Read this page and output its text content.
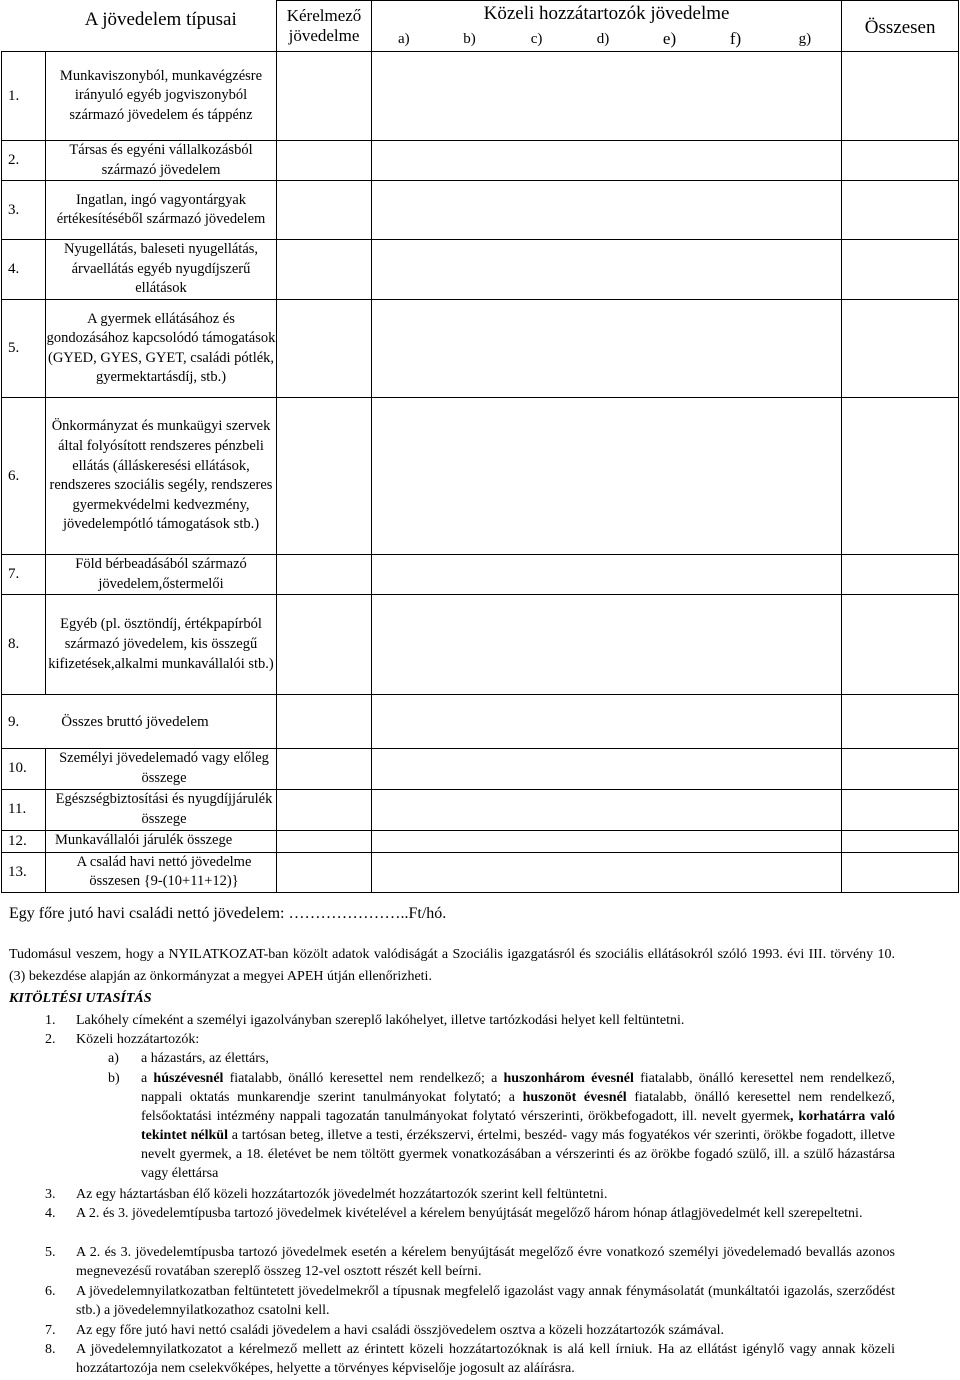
A jövedelem típusai		Kérelmező jövedelme	Közeli hozzátartozók jövedelme							Összesen
			a)	b)	c)	d)	e)	f)	g)	
1.	Munkaviszonyból, munkavégzésre irányuló egyéb jogviszonyból származó jövedelem és táppénz									
2.	Társas és egyéni vállalkozásból származó jövedelem									
3.	Ingatlan, ingó vagyontárgyak értékesítéséből származó jövedelem									
4.	Nyugellátás, baleseti nyugellátás, árvaellátás egyéb nyugdíjszerű ellátások									
5.	A gyermek ellátásához és gondozásához kapcsolódó támogatások (GYED, GYES, GYET, családi pótlék, gyermektartásdíj, stb.)									
6.	Önkormányzat és munkaügyi szervek által folyósított rendszeres pénzbeli ellátás (álláskeresési ellátások, rendszeres szociális segély, rendszeres gyermekvédelmi kedvezmény, jövedelempótló támogatások stb.)									
7.	Föld bérbeadásából származó jövedelem,őstermelői									
8.	Egyéb (pl. ösztöndíj, értékpapírból származó jövedelem, kis összegű kifizetések,alkalmi munkavállalói stb.)									
9. Összes bruttó jövedelem										
10.	Személyi jövedelemadó vagy előleg összege									
11.	Egészségbiztosítási és nyugdíjjárulék összege									
12.	Munkavállalói járulék összege									
13.	A család havi nettó jövedelme összesen {9-(10+11+12)}									
Egy főre jutó havi családi nettó jövedelem: …………………..Ft/hó.
Tudomásul veszem, hogy a NYILATKOZAT-ban közölt adatok valódiságát a Szociális igazgatásról és szociális ellátásokról szóló 1993. évi III. törvény 10. (3) bekezdése alapján az önkormányzat a megyei APEH útján ellenőrizheti.
KITÖLTÉSI UTASÍTÁS
1.	Lakóhely címeként a személyi igazolványban szereplő lakóhelyet, illetve tartózkodási helyet kell feltüntetni.
2.	Közeli hozzátartozók:
a)	a házastárs, az élettárs,
b)	a húszévesnél fiatalabb, önálló keresettel nem rendelkező; a huszonhárom évesnél fiatalabb, önálló keresettel nem rendelkező, nappali oktatás munkarendje szerint tanulmányokat folytató; a huszonöt évesnél fiatalabb, önálló keresettel nem rendelkező, felsőoktatási intézmény nappali tagozatán tanulmányokat folytató vérszerinti, örökbefogadott, ill. nevelt gyermek, korhatárra való tekintet nélkül a tartósan beteg, illetve a testi, érzékszervi, értelmi, beszéd- vagy más fogyatékos vér szerinti, örökbe fogadott, illetve nevelt gyermek, a 18. életévet be nem töltött gyermek vonatkozásában a vérszerinti és az örökbe fogadó szülő, ill. a szülő házastársa vagy élettársa
3.	Az egy háztartásban élő közeli hozzátartozók jövedelmét hozzátartozók szerint kell feltüntetni.
4.	A 2. és 3. jövedelemtípusba tartozó jövedelmek kivételével a kérelem benyújtását megelőző három hónap átlagjövedelmét kell szerepeltetni.
5.	A 2. és 3. jövedelemtípusba tartozó jövedelmek esetén a kérelem benyújtását megelőző évre vonatkozó személyi jövedelemadó bevallás azonos megnevezésű rovatában szereplő összeg 12-vel osztott részét kell beírni.
6.	A jövedelemnyilatkozatban feltüntetett jövedelmekről a típusnak megfelelő igazolást vagy annak fénymásolatát (munkáltatói igazolás, szerződést stb.) a jövedelemnyilatkozathoz csatolni kell.
7.	Az egy főre jutó havi nettó családi jövedelem a havi családi összjövedelem osztva a közeli hozzátartozók számával.
8.	A jövedelemnyilatkozatot a kérelmező mellett az érintett közeli hozzátartozóknak is alá kell írniuk. Ha az ellátást igénylő vagy annak közeli hozzátartozója nem cselekvőképes, helyette a törvényes képviselője jogosult az aláírásra.
